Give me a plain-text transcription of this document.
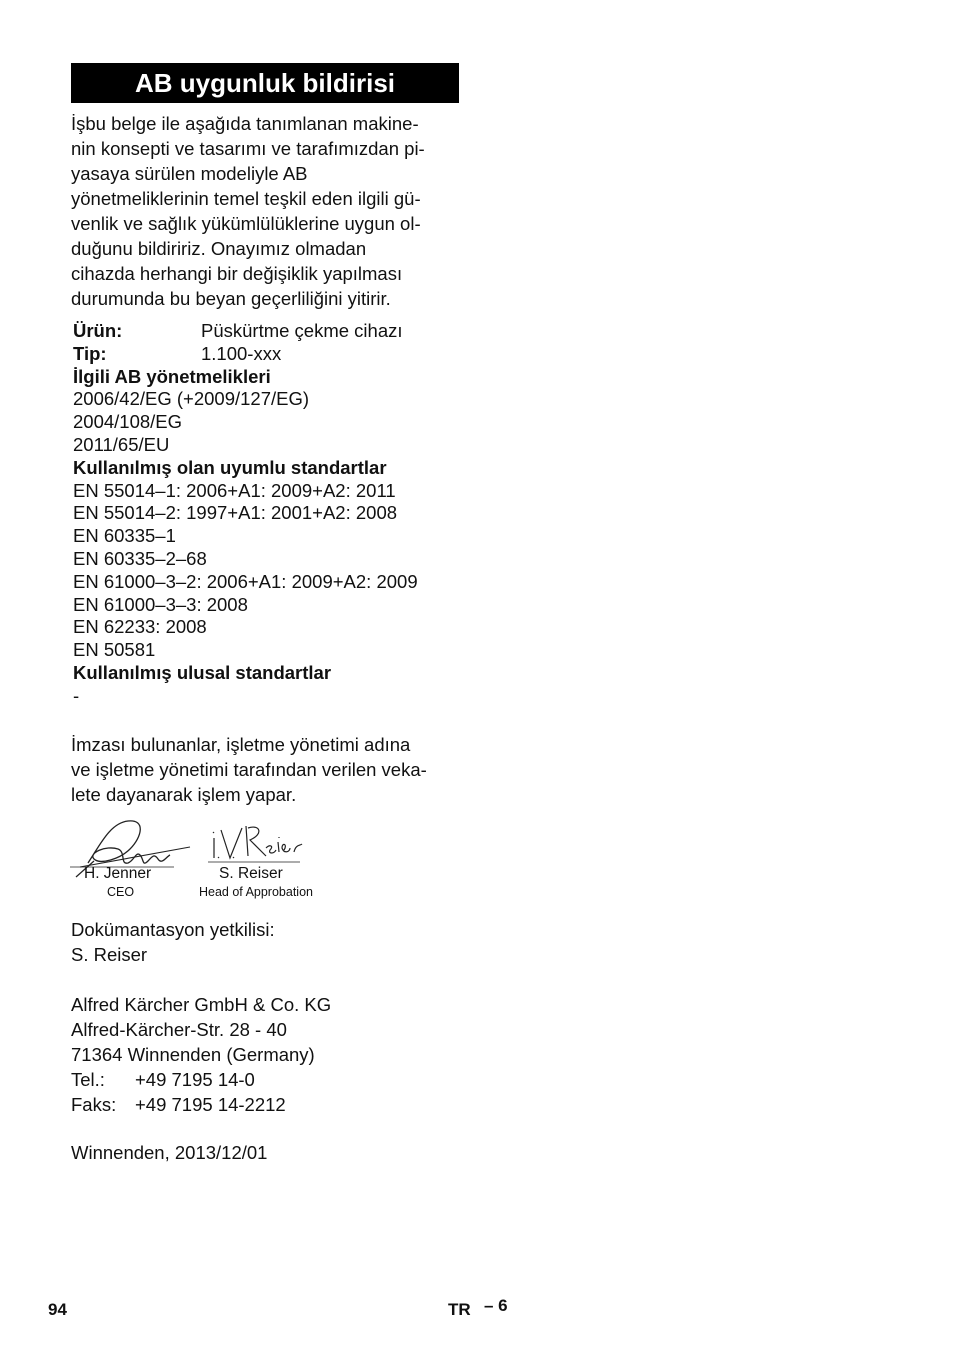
AB uygunluk bildirisi
İşbu belge ile aşağıda tanımlanan makine-
nin konsepti ve tasarımı ve tarafımızdan pi-
yasaya sürülen modeliyle AB
yönetmeliklerinin temel teşkil eden ilgili gü-
venlik ve sağlık yükümlülüklerine uygun ol-
duğunu bildiririz. Onayımız olmadan
cihazda herhangi bir değişiklik yapılması
durumunda bu beyan geçerliliğini yitirir.
Ürün:	Püskürtme çekme cihazı
Tip:	1.100-xxx
İlgili AB yönetmelikleri
2006/42/EG (+2009/127/EG)
2004/108/EG
2011/65/EU
Kullanılmış olan uyumlu standartlar
EN 55014–1: 2006+A1: 2009+A2: 2011
EN 55014–2: 1997+A1: 2001+A2: 2008
EN 60335–1
EN 60335–2–68
EN 61000–3–2: 2006+A1: 2009+A2: 2009
EN 61000–3–3: 2008
EN 62233: 2008
EN 50581
Kullanılmış ulusal standartlar
-
İmzası bulunanlar, işletme yönetimi adına
ve işletme yönetimi tarafından verilen veka-
lete dayanarak işlem yapar.
H. Jenner
CEO
S. Reiser
Head of Approbation
Dokümantasyon yetkilisi:
S. Reiser
Alfred Kärcher GmbH & Co. KG
Alfred-Kärcher-Str. 28 - 40
71364 Winnenden (Germany)
Tel.:	+49 7195 14-0
Faks:	+49 7195 14-2212
Winnenden, 2013/12/01
94	TR – 6
